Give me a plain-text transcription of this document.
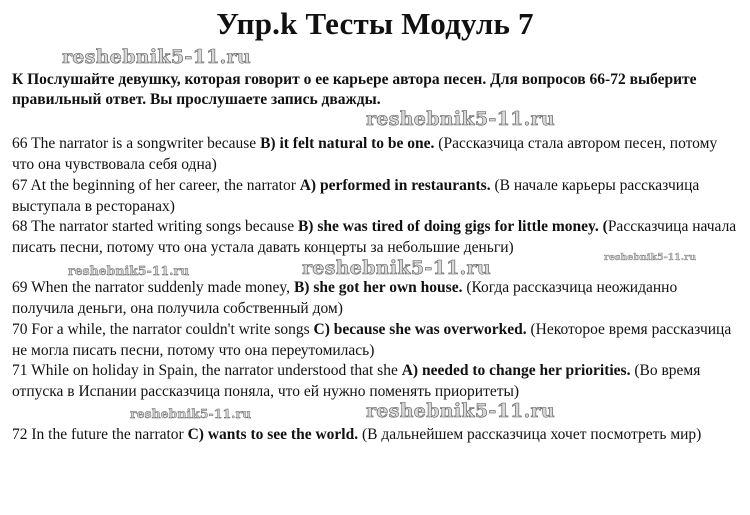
Упр.k Тесты Модуль 7
К Послушайте девушку, которая говорит о ее карьере автора песен. Для вопросов 66-72 выберите правильный ответ. Вы прослушаете запись дважды.
66 The narrator is a songwriter because B) it felt natural to be one. (Рассказчица стала автором песен, потому что она чувствовала себя одна)
67 At the beginning of her career, the narrator A) performed in restaurants. (В начале карьеры рассказчица выступала в ресторанах)
68 The narrator started writing songs because B) she was tired of doing gigs for little money. (Рассказчица начала писать песни, потому что она устала давать концерты за небольшие деньги)
69 When the narrator suddenly made money, B) she got her own house. (Когда рассказчица неожиданно получила деньги, она получила собственный дом)
70 For a while, the narrator couldn't write songs C) because she was overworked. (Некоторое время рассказчица не могла писать песни, потому что она переутомилась)
71 While on holiday in Spain, the narrator understood that she A) needed to change her priorities. (Во время отпуска в Испании рассказчица поняла, что ей нужно поменять приоритеты)
72 In the future the narrator C) wants to see the world. (В дальнейшем рассказчица хочет посмотреть мир)
reshebnik5-11.ru
reshebnik5-11.ru
reshebnik5-11.ru	reshebnik5-11.ru	reshebnik5-11.ru
reshebnik5-11.ru	reshebnik5-11.ru
